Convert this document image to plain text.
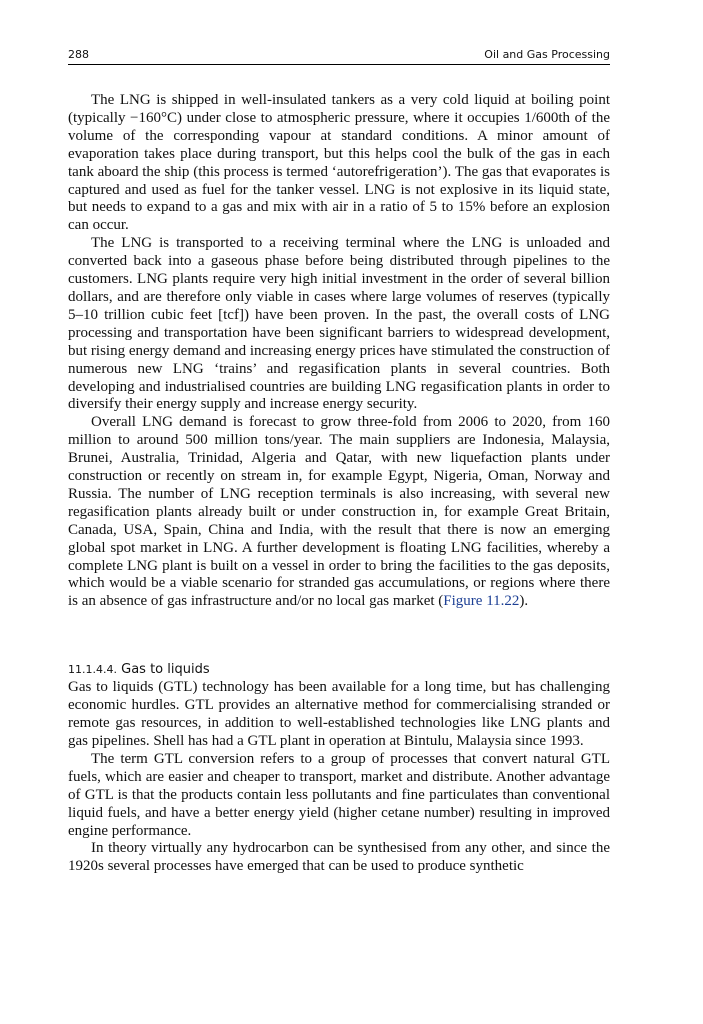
288	Oil and Gas Processing

The LNG is shipped in well-insulated tankers as a very cold liquid at boiling point (typically −160°C) under close to atmospheric pressure, where it occupies 1/600th of the volume of the corresponding vapour at standard conditions. A minor amount of evaporation takes place during transport, but this helps cool the bulk of the gas in each tank aboard the ship (this process is termed ‘autorefrigeration’). The gas that evaporates is captured and used as fuel for the tanker vessel. LNG is not explosive in its liquid state, but needs to expand to a gas and mix with air in a ratio of 5 to 15% before an explosion can occur.

The LNG is transported to a receiving terminal where the LNG is unloaded and converted back into a gaseous phase before being distributed through pipelines to the customers. LNG plants require very high initial investment in the order of several billion dollars, and are therefore only viable in cases where large volumes of reserves (typically 5–10 trillion cubic feet [tcf]) have been proven. In the past, the overall costs of LNG processing and transportation have been significant barriers to widespread development, but rising energy demand and increasing energy prices have stimulated the construction of numerous new LNG ‘trains’ and regasification plants in several countries. Both developing and industrialised countries are building LNG regasification plants in order to diversify their energy supply and increase energy security.

Overall LNG demand is forecast to grow three-fold from 2006 to 2020, from 160 million to around 500 million tons/year. The main suppliers are Indonesia, Malaysia, Brunei, Australia, Trinidad, Algeria and Qatar, with new liquefaction plants under construction or recently on stream in, for example Egypt, Nigeria, Oman, Norway and Russia. The number of LNG reception terminals is also increasing, with several new regasification plants already built or under construction in, for example Great Britain, Canada, USA, Spain, China and India, with the result that there is now an emerging global spot market in LNG. A further development is floating LNG facilities, whereby a complete LNG plant is built on a vessel in order to bring the facilities to the gas deposits, which would be a viable scenario for stranded gas accumulations, or regions where there is an absence of gas infrastructure and/or no local gas market (Figure 11.22).

11.1.4.4. Gas to liquids

Gas to liquids (GTL) technology has been available for a long time, but has challenging economic hurdles. GTL provides an alternative method for commercialising stranded or remote gas resources, in addition to well-established technologies like LNG plants and gas pipelines. Shell has had a GTL plant in operation at Bintulu, Malaysia since 1993.

The term GTL conversion refers to a group of processes that convert natural GTL fuels, which are easier and cheaper to transport, market and distribute. Another advantage of GTL is that the products contain less pollutants and fine particulates than conventional liquid fuels, and have a better energy yield (higher cetane number) resulting in improved engine performance.

In theory virtually any hydrocarbon can be synthesised from any other, and since the 1920s several processes have emerged that can be used to produce synthetic
